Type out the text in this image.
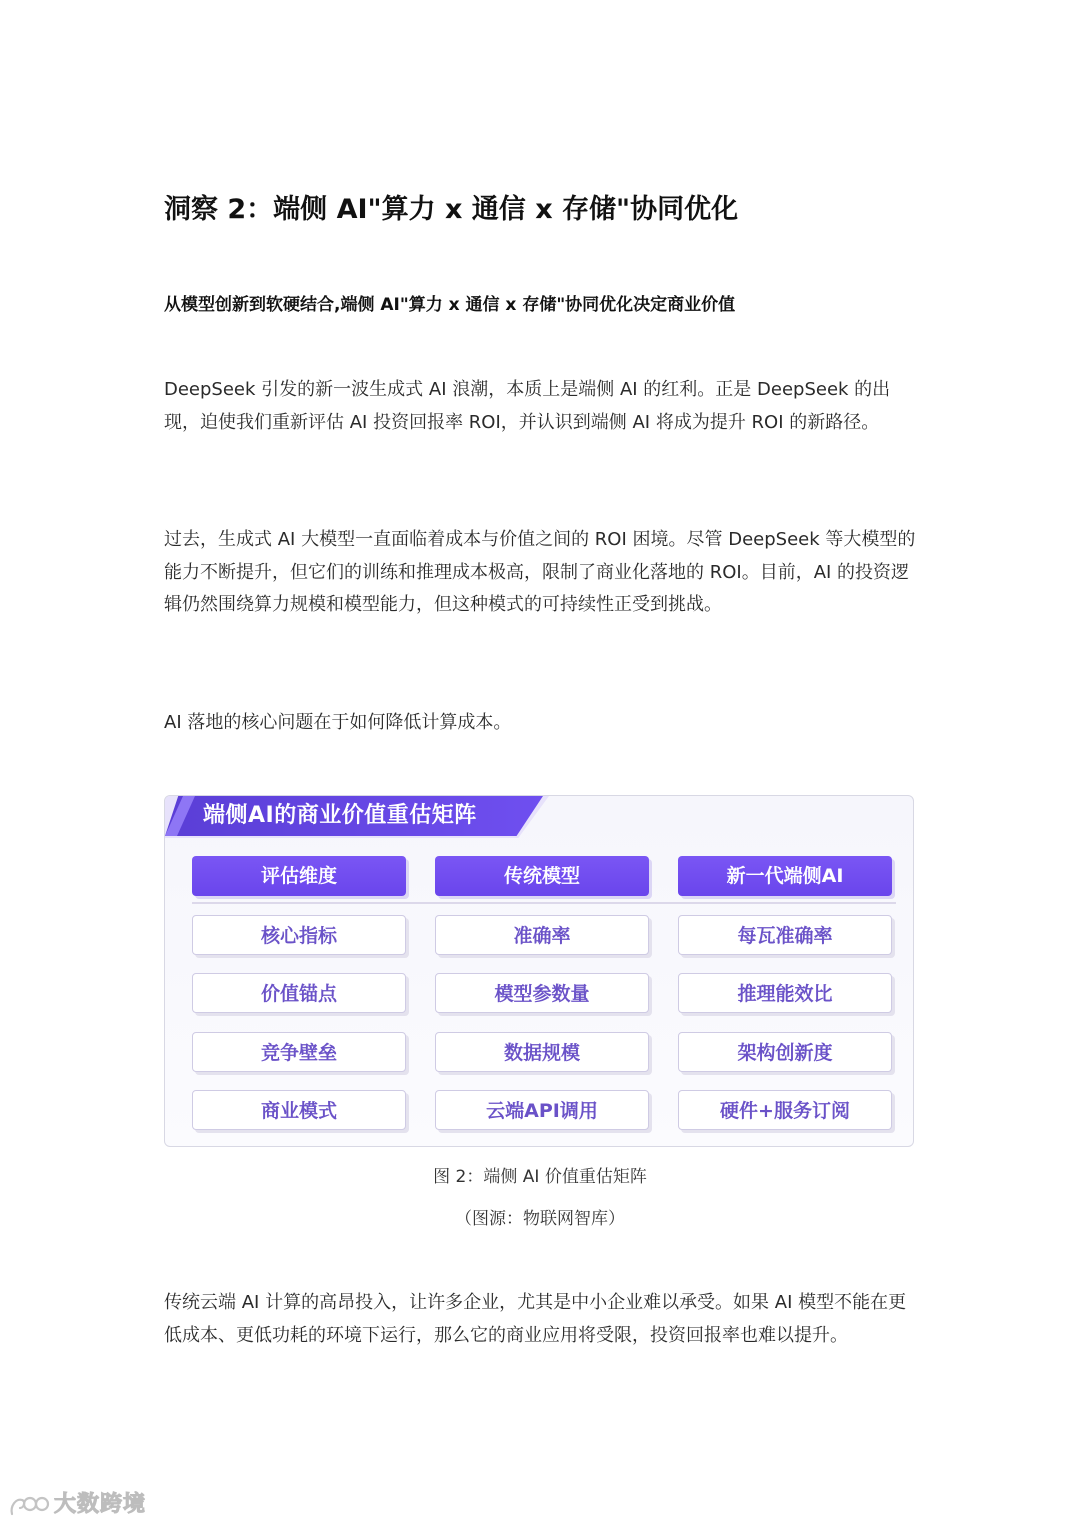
洞察 2：端侧 AI"算力 x 通信 x 存储"协同优化
从模型创新到软硬结合,端侧 AI"算力 x 通信 x 存储"协同优化决定商业价值

DeepSeek 引发的新一波生成式 AI 浪潮，本质上是端侧 AI 的红利。正是 DeepSeek 的出现，迫使我们重新评估 AI 投资回报率 ROI，并认识到端侧 AI 将成为提升 ROI 的新路径。

过去，生成式 AI 大模型一直面临着成本与价值之间的 ROI 困境。尽管 DeepSeek 等大模型的能力不断提升，但它们的训练和推理成本极高，限制了商业化落地的 ROI。目前，AI 的投资逻辑仍然围绕算力规模和模型能力，但这种模式的可持续性正受到挑战。

AI 落地的核心问题在于如何降低计算成本。

传统云端 AI 计算的高昂投入，让许多企业，尤其是中小企业难以承受。如果 AI 模型不能在更低成本、更低功耗的环境下运行，那么它的商业应用将受限，投资回报率也难以提升。

端侧AI的商业价值重估矩阵
评估维度	传统模型	新一代端侧AI
核心指标	准确率	每瓦准确率
价值锚点	模型参数量	推理能效比
竞争壁垒	数据规模	架构创新度
商业模式	云端API调用	硬件+服务订阅
图 2：端侧 AI 价值重估矩阵
（图源：物联网智库）
大数跨境
